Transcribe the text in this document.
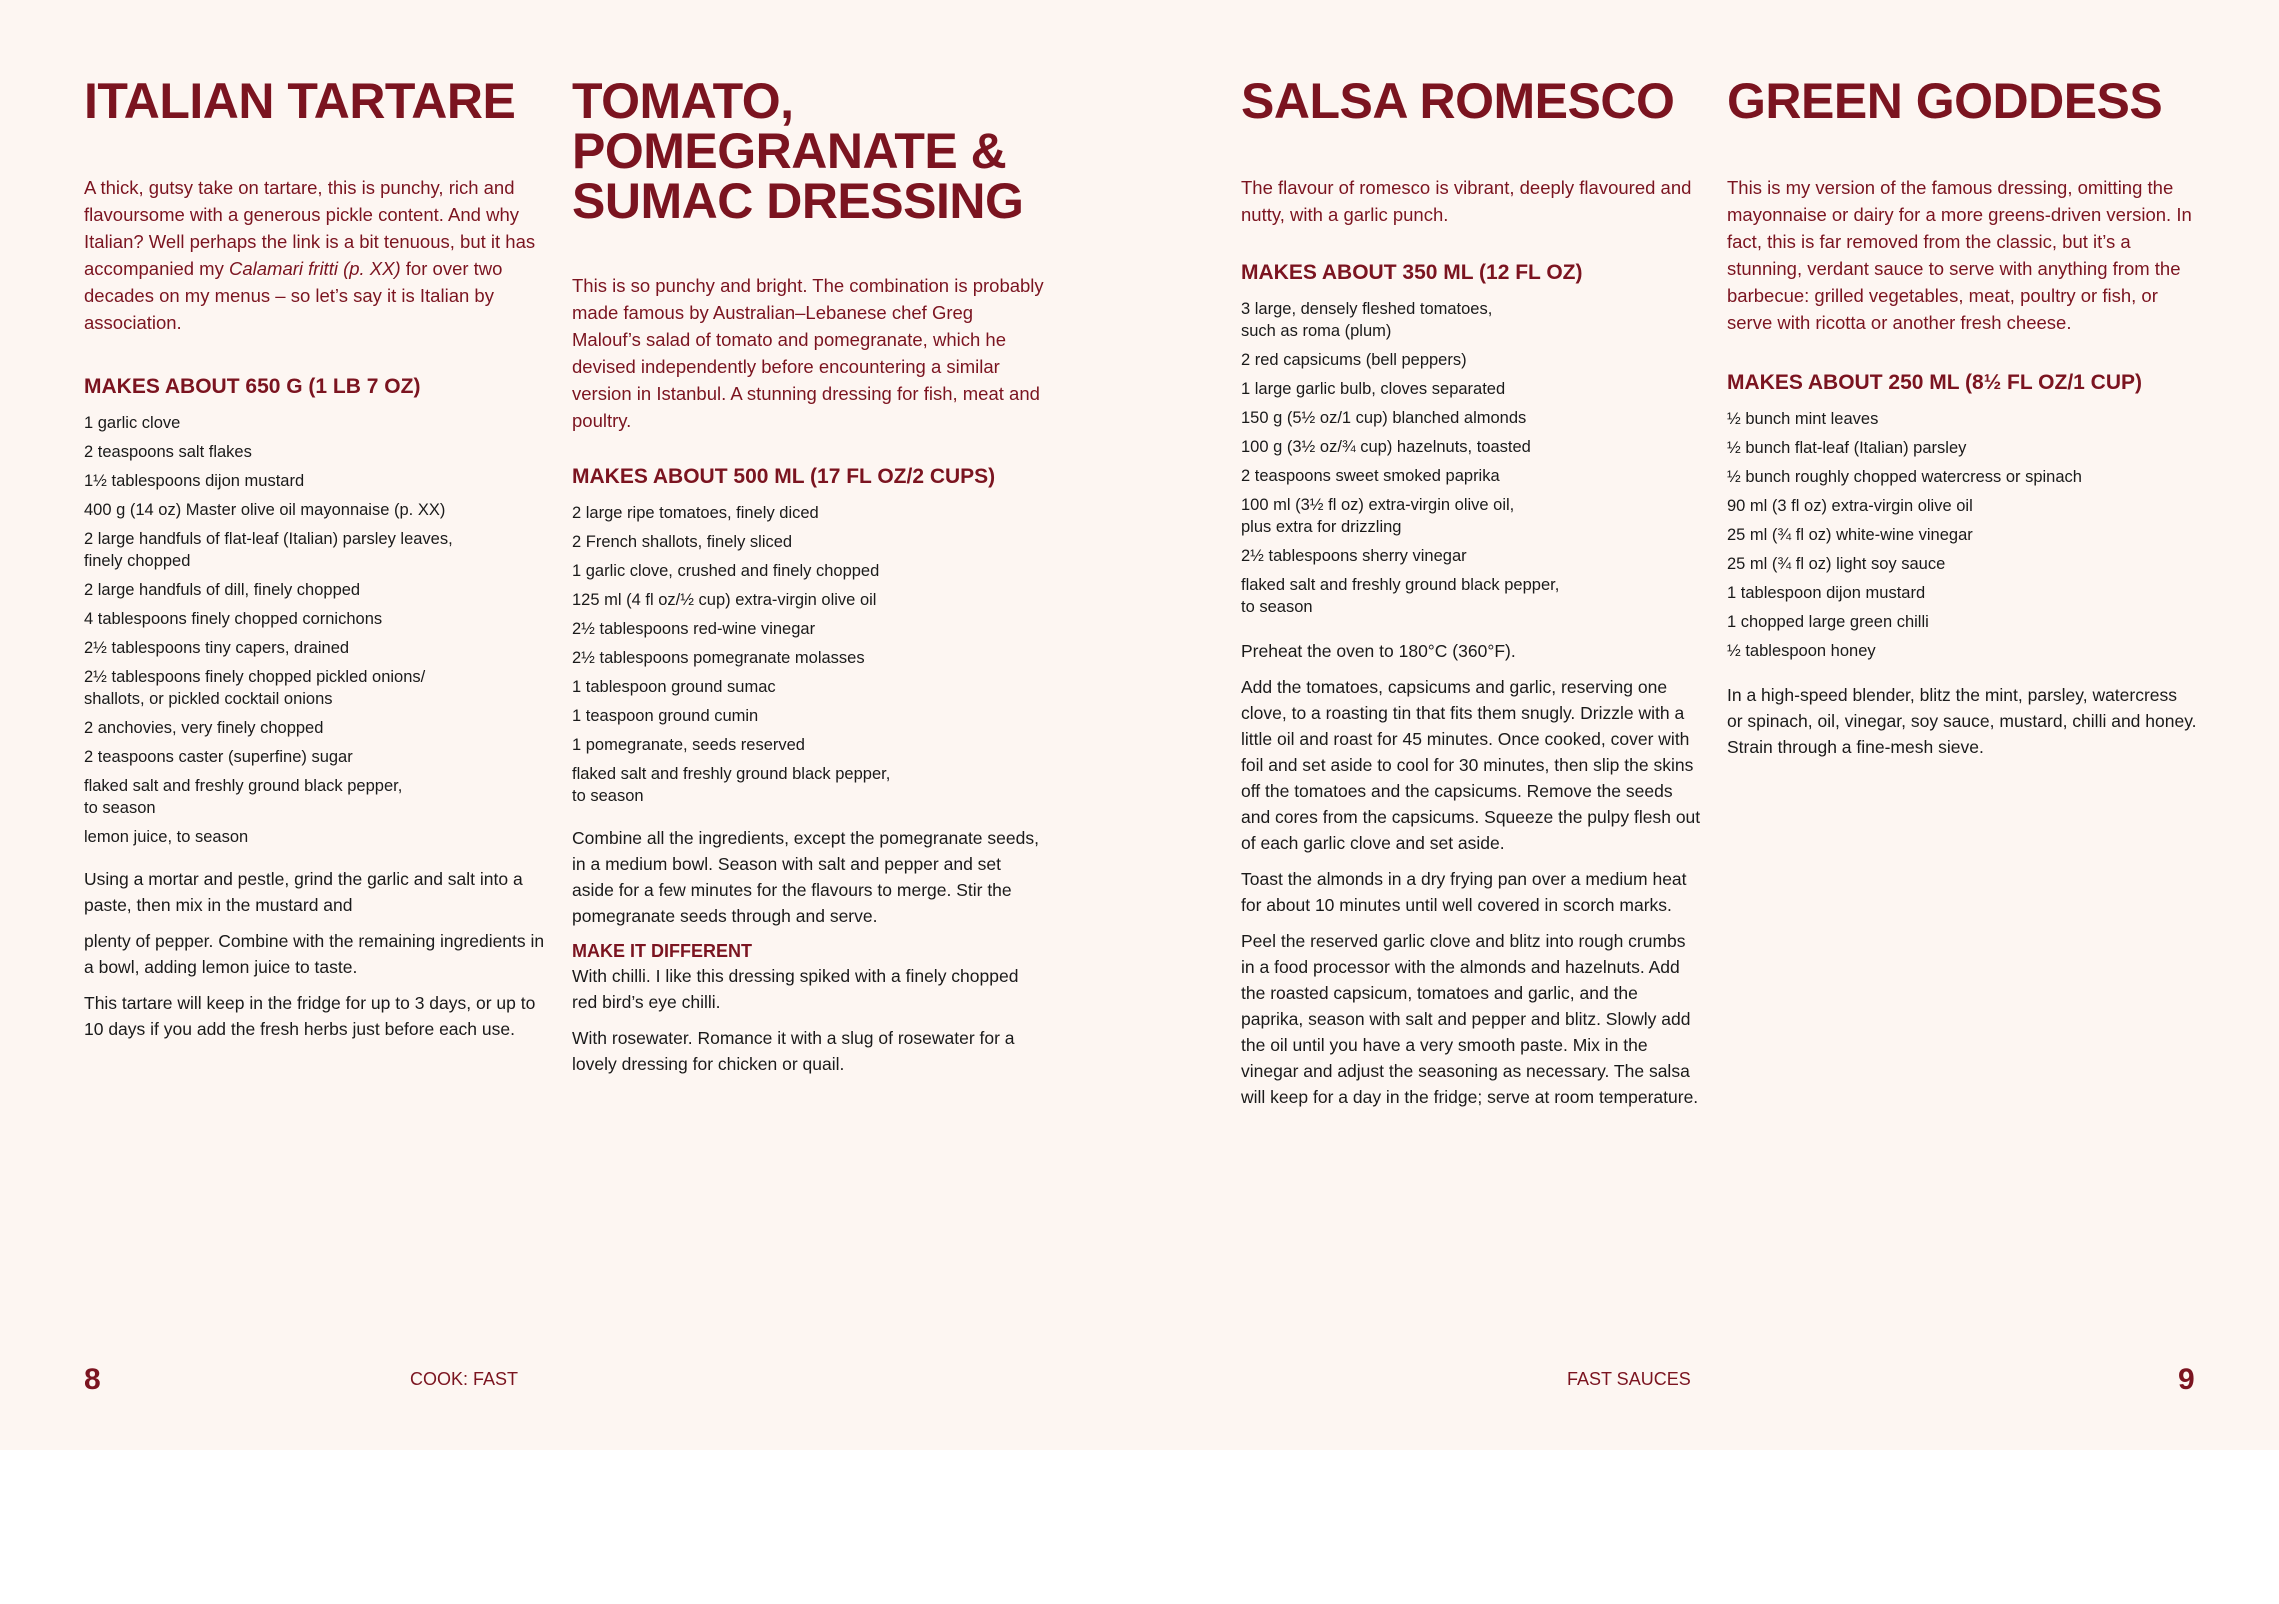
ITALIAN TARTARE

A thick, gutsy take on tartare, this is punchy, rich and flavoursome with a generous pickle content. And why Italian? Well perhaps the link is a bit tenuous, but it has accompanied my Calamari fritti (p. XX) for over two decades on my menus – so let’s say it is Italian by association.

MAKES ABOUT 650 G (1 LB 7 OZ)
1 garlic clove
2 teaspoons salt flakes
1½ tablespoons dijon mustard
400 g (14 oz) Master olive oil mayonnaise (p. XX)
2 large handfuls of flat-leaf (Italian) parsley leaves,
finely chopped
2 large handfuls of dill, finely chopped
4 tablespoons finely chopped cornichons
2½ tablespoons tiny capers, drained
2½ tablespoons finely chopped pickled onions/
shallots, or pickled cocktail onions
2 anchovies, very finely chopped
2 teaspoons caster (superfine) sugar
flaked salt and freshly ground black pepper,
to season
lemon juice, to season

Using a mortar and pestle, grind the garlic and salt into a paste, then mix in the mustard and

plenty of pepper. Combine with the remaining ingredients in a bowl, adding lemon juice to taste.

This tartare will keep in the fridge for up to 3 days, or up to 10 days if you add the fresh herbs just before each use.

TOMATO,
POMEGRANATE &
SUMAC DRESSING

This is so punchy and bright. The combination is probably made famous by Australian–Lebanese chef Greg Malouf’s salad of tomato and pomegranate, which he devised independently before encountering a similar version in Istanbul. A stunning dressing for fish, meat and poultry.

MAKES ABOUT 500 ML (17 FL OZ/2 CUPS)
2 large ripe tomatoes, finely diced
2 French shallots, finely sliced
1 garlic clove, crushed and finely chopped
125 ml (4 fl oz/½ cup) extra-virgin olive oil
2½ tablespoons red-wine vinegar
2½ tablespoons pomegranate molasses
1 tablespoon ground sumac
1 teaspoon ground cumin
1 pomegranate, seeds reserved
flaked salt and freshly ground black pepper,
to season

Combine all the ingredients, except the pomegranate seeds, in a medium bowl. Season with salt and pepper and set aside for a few minutes for the flavours to merge. Stir the pomegranate seeds through and serve.

MAKE IT DIFFERENT

With chilli. I like this dressing spiked with a finely chopped red bird’s eye chilli.

With rosewater. Romance it with a slug of rosewater for a lovely dressing for chicken or quail.

SALSA ROMESCO

The flavour of romesco is vibrant, deeply flavoured and nutty, with a garlic punch.

MAKES ABOUT 350 ML (12 FL OZ)
3 large, densely fleshed tomatoes,
such as roma (plum)
2 red capsicums (bell peppers)
1 large garlic bulb, cloves separated
150 g (5½ oz/1 cup) blanched almonds
100 g (3½ oz/¾ cup) hazelnuts, toasted
2 teaspoons sweet smoked paprika
100 ml (3½ fl oz) extra-virgin olive oil,
plus extra for drizzling
2½ tablespoons sherry vinegar
flaked salt and freshly ground black pepper,
to season

Preheat the oven to 180°C (360°F).

Add the tomatoes, capsicums and garlic, reserving one clove, to a roasting tin that fits them snugly. Drizzle with a little oil and roast for 45 minutes. Once cooked, cover with foil and set aside to cool for 30 minutes, then slip the skins off the tomatoes and the capsicums. Remove the seeds and cores from the capsicums. Squeeze the pulpy flesh out of each garlic clove and set aside.

Toast the almonds in a dry frying pan over a medium heat for about 10 minutes until well covered in scorch marks.

Peel the reserved garlic clove and blitz into rough crumbs in a food processor with the almonds and hazelnuts. Add the roasted capsicum, tomatoes and garlic, and the paprika, season with salt and pepper and blitz. Slowly add the oil until you have a very smooth paste. Mix in the vinegar and adjust the seasoning as necessary. The salsa will keep for a day in the fridge; serve at room temperature.

GREEN GODDESS

This is my version of the famous dressing, omitting the mayonnaise or dairy for a more greens-driven version. In fact, this is far removed from the classic, but it’s a stunning, verdant sauce to serve with anything from the barbecue: grilled vegetables, meat, poultry or fish, or serve with ricotta or another fresh cheese.

MAKES ABOUT 250 ML (8½ FL OZ/1 CUP)
½ bunch mint leaves
½ bunch flat-leaf (Italian) parsley
½ bunch roughly chopped watercress or spinach
90 ml (3 fl oz) extra-virgin olive oil
25 ml (¾ fl oz) white-wine vinegar
25 ml (¾ fl oz) light soy sauce
1 tablespoon dijon mustard
1 chopped large green chilli
½ tablespoon honey

In a high-speed blender, blitz the mint, parsley, watercress or spinach, oil, vinegar, soy sauce, mustard, chilli and honey. Strain through a fine-mesh sieve.

8	COOK: FAST	FAST SAUCES	9
